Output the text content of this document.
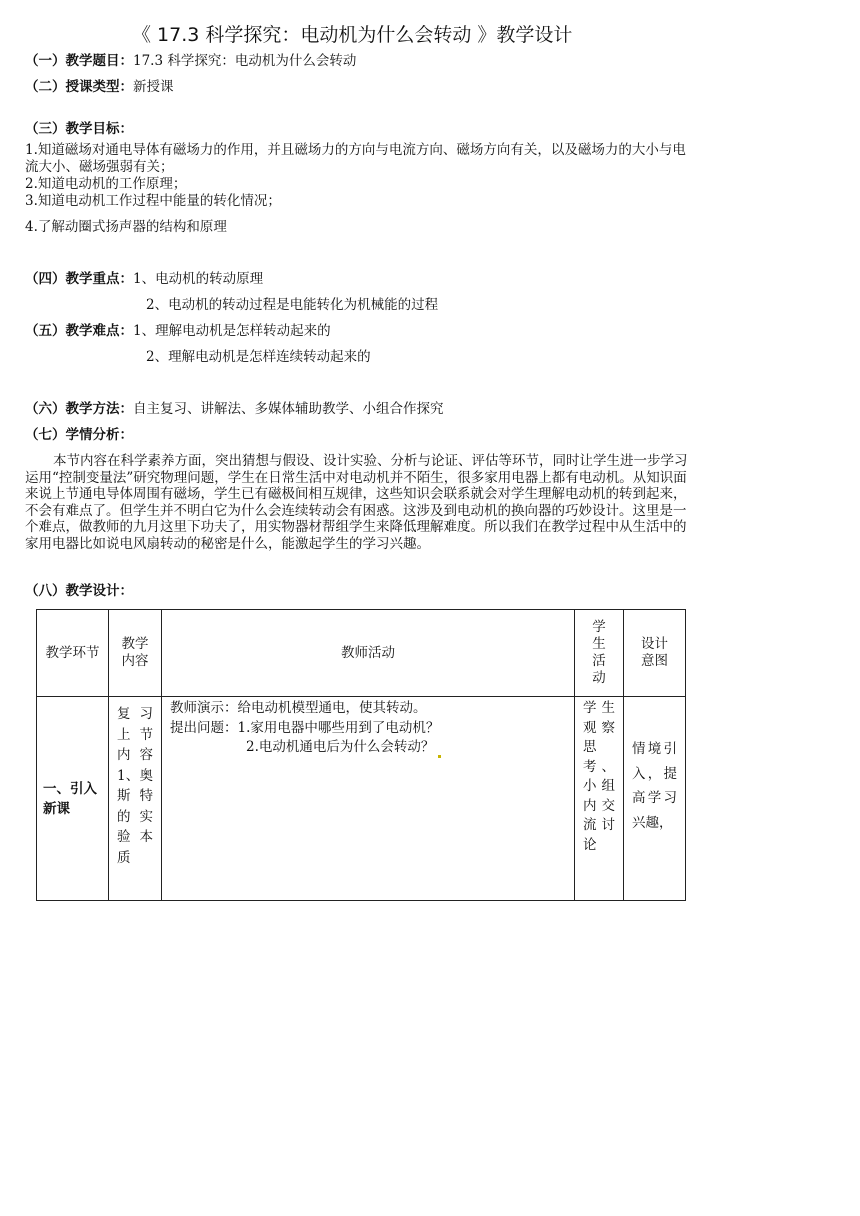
《 17.3 科学探究：电动机为什么会转动 》教学设计
（一）教学题目：17.3 科学探究：电动机为什么会转动
（二）授课类型：新授课
（三）教学目标：
1.知道磁场对通电导体有磁场力的作用，并且磁场力的方向与电流方向、磁场方向有关，以及磁场力的大小与电流大小、磁场强弱有关；
2.知道电动机的工作原理；
3.知道电动机工作过程中能量的转化情况；
4.了解动圈式扬声器的结构和原理
（四）教学重点：1、电动机的转动原理
2、电动机的转动过程是电能转化为机械能的过程
（五）教学难点：1、理解电动机是怎样转动起来的
2、理解电动机是怎样连续转动起来的
（六）教学方法：自主复习、讲解法、多媒体辅助教学、小组合作探究
（七）学情分析：
本节内容在科学素养方面，突出猜想与假设、设计实验、分析与论证、评估等环节，同时让学生进一步学习运用“控制变量法”研究物理问题，学生在日常生活中对电动机并不陌生，很多家用电器上都有电动机。从知识面来说上节通电导体周围有磁场，学生已有磁极间相互规律，这些知识会联系就会对学生理解电动机的转到起来，不会有难点了。但学生并不明白它为什么会连续转动会有困惑。这涉及到电动机的换向器的巧妙设计。这里是一个难点，做教师的九月这里下功夫了，用实物器材帮组学生来降低理解难度。所以我们在教学过程中从生活中的家用电器比如说电风扇转动的秘密是什么，能激起学生的学习兴趣。
（八）教学设计：
教学环节	教学内容	教师活动	学生活动	设计意图
一、引入新课	复习上节内容1、奥斯特的实验本质	教师演示：给电动机模型通电，使其转动。
提出问题：1.家用电器中哪些用到了电动机？
2.电动机通电后为什么会转动？	学生观察思考、小组内交流讨论	情境引入，提高学习兴趣，
